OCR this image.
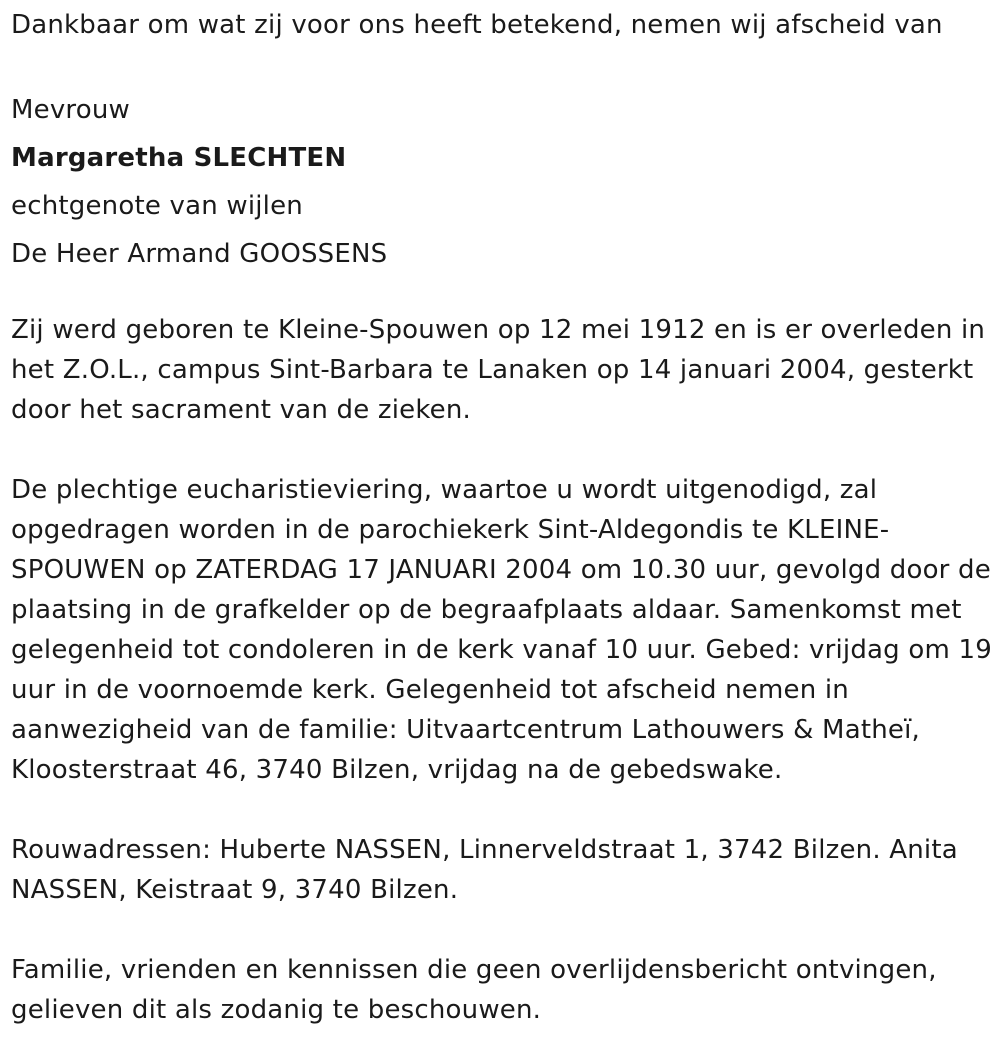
Dankbaar om wat zij voor ons heeft betekend, nemen wij afscheid van

Mevrouw

Margaretha SLECHTEN

echtgenote van wijlen

De Heer Armand GOOSSENS

Zij werd geboren te Kleine-Spouwen op 12 mei 1912 en is er overleden in

het Z.O.L., campus Sint-Barbara te Lanaken op 14 januari 2004, gesterkt

door het sacrament van de zieken.

De plechtige eucharistieviering, waartoe u wordt uitgenodigd, zal

opgedragen worden in de parochiekerk Sint-Aldegondis te KLEINE-

SPOUWEN op ZATERDAG 17 JANUARI 2004 om 10.30 uur, gevolgd door de

plaatsing in de grafkelder op de begraafplaats aldaar. Samenkomst met

gelegenheid tot condoleren in de kerk vanaf 10 uur. Gebed: vrijdag om 19

uur in de voornoemde kerk. Gelegenheid tot afscheid nemen in

aanwezigheid van de familie: Uitvaartcentrum Lathouwers & Matheï,

Kloosterstraat 46, 3740 Bilzen, vrijdag na de gebedswake.

Rouwadressen: Huberte NASSEN, Linnerveldstraat 1, 3742 Bilzen. Anita

NASSEN, Keistraat 9, 3740 Bilzen.

Familie, vrienden en kennissen die geen overlijdensbericht ontvingen,

gelieven dit als zodanig te beschouwen.
